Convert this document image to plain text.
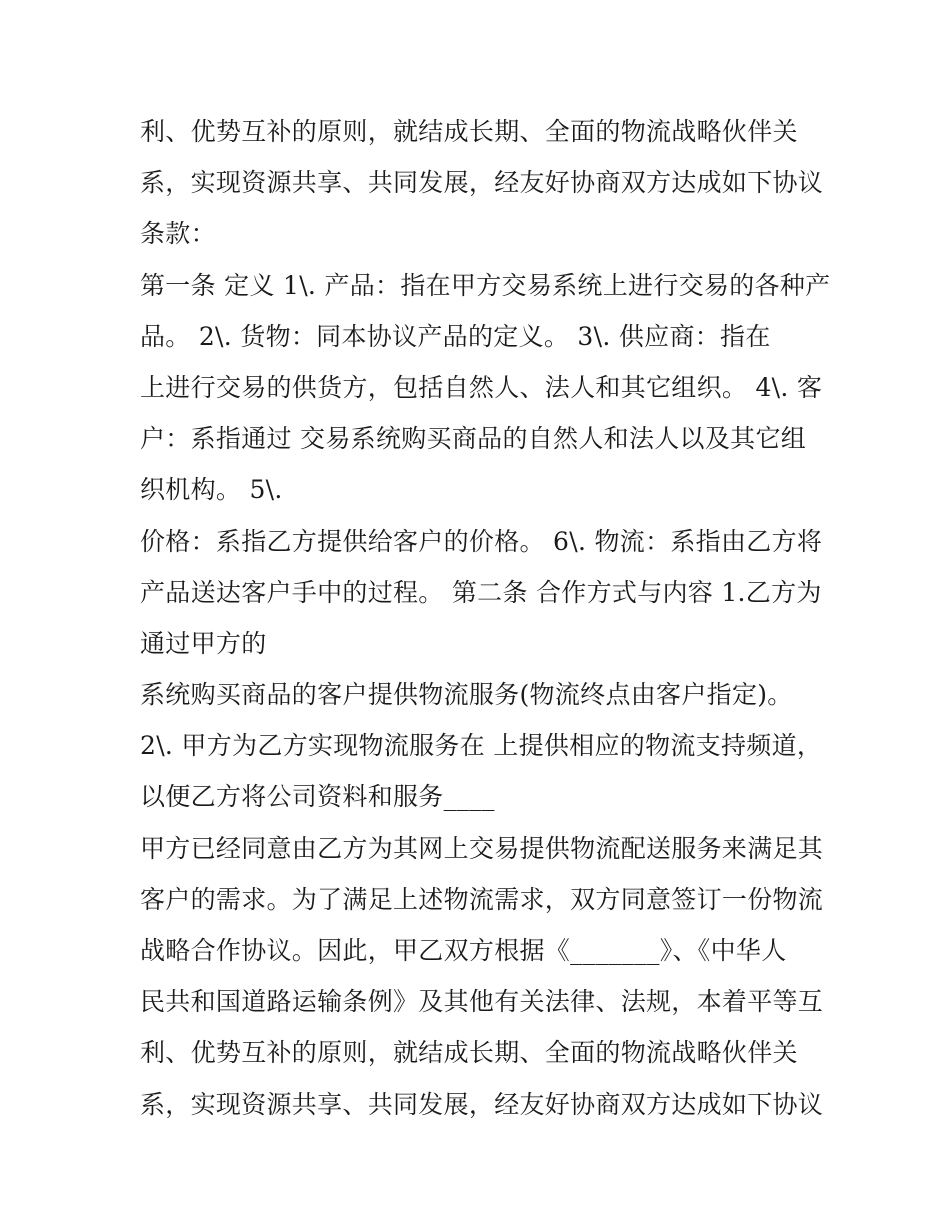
利、优势互补的原则，就结成长期、全面的物流战略伙伴关
系，实现资源共享、共同发展，经友好协商双方达成如下协议
条款：
第一条 定义 1\. 产品：指在甲方交易系统上进行交易的各种产
品。 2\. 货物：同本协议产品的定义。 3\. 供应商：指在
上进行交易的供货方，包括自然人、法人和其它组织。 4\. 客
户：系指通过 交易系统购买商品的自然人和法人以及其它组
织机构。 5\.
价格：系指乙方提供给客户的价格。 6\. 物流：系指由乙方将
产品送达客户手中的过程。 第二条 合作方式与内容 1.乙方为
通过甲方的
系统购买商品的客户提供物流服务(物流终点由客户指定)。
2\. 甲方为乙方实现物流服务在 上提供相应的物流支持频道，
以便乙方将公司资料和服务____
甲方已经同意由乙方为其网上交易提供物流配送服务来满足其
客户的需求。为了满足上述物流需求，双方同意签订一份物流
战略合作协议。因此，甲乙双方根据《_______》、《中华人
民共和国道路运输条例》及其他有关法律、法规，本着平等互
利、优势互补的原则，就结成长期、全面的物流战略伙伴关
系，实现资源共享、共同发展，经友好协商双方达成如下协议
